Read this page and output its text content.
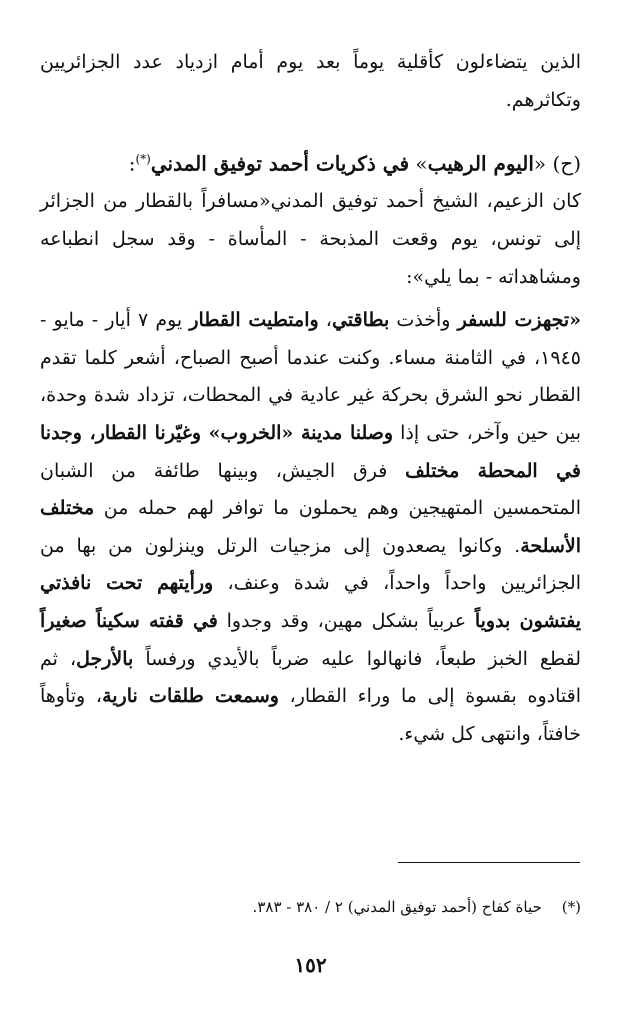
الذين يتضاءلون كأقلية يوماً بعد يوم أمام ازدياد عدد الجزائريين وتكاثرهم.

(ح) «اليوم الرهيب» في ذكريات أحمد توفيق المدني(*):

كان الزعيم، الشيخ أحمد توفيق المدني«مسافراً بالقطار من الجزائر إلى تونس، يوم وقعت المذبحة - المأساة - وقد سجل انطباعه ومشاهداته - بما يلي»:

«تجهزت للسفر وأخذت بطاقتي، وامتطيت القطار يوم ٧ أيار - مايو - ١٩٤٥، في الثامنة مساء. وكنت عندما أصبح الصباح، أشعر كلما تقدم القطار نحو الشرق بحركة غير عادية في المحطات، تزداد شدة وحدة، بين حين وآخر، حتى إذا وصلنا مدينة «الخروب» وغيّرنا القطار، وجدنا في المحطة مختلف فرق الجيش، وبينها طائفة من الشبان المتحمسين المتهيجين وهم يحملون ما توافر لهم حمله من مختلف الأسلحة. وكانوا يصعدون إلى مزجيات الرتل وينزلون من بها من الجزائريين واحداً واحداً، في شدة وعنف، ورأيتهم تحت نافذتي يفتشون بدوياً عربياً بشكل مهين، وقد وجدوا في قفته سكيناً صغيراً لقطع الخبز طبعاً، فانهالوا عليه ضرباً بالأيدي ورفساً بالأرجل، ثم اقتادوه بقسوة إلى ما وراء القطار، وسمعت طلقات نارية، وتأوهاً خافتاً، وانتهى كل شيء.

(*)حياة كفاح (أحمد توفيق المدني) ٢ / ٣٨٠ - ٣٨٣.
١٥٢
